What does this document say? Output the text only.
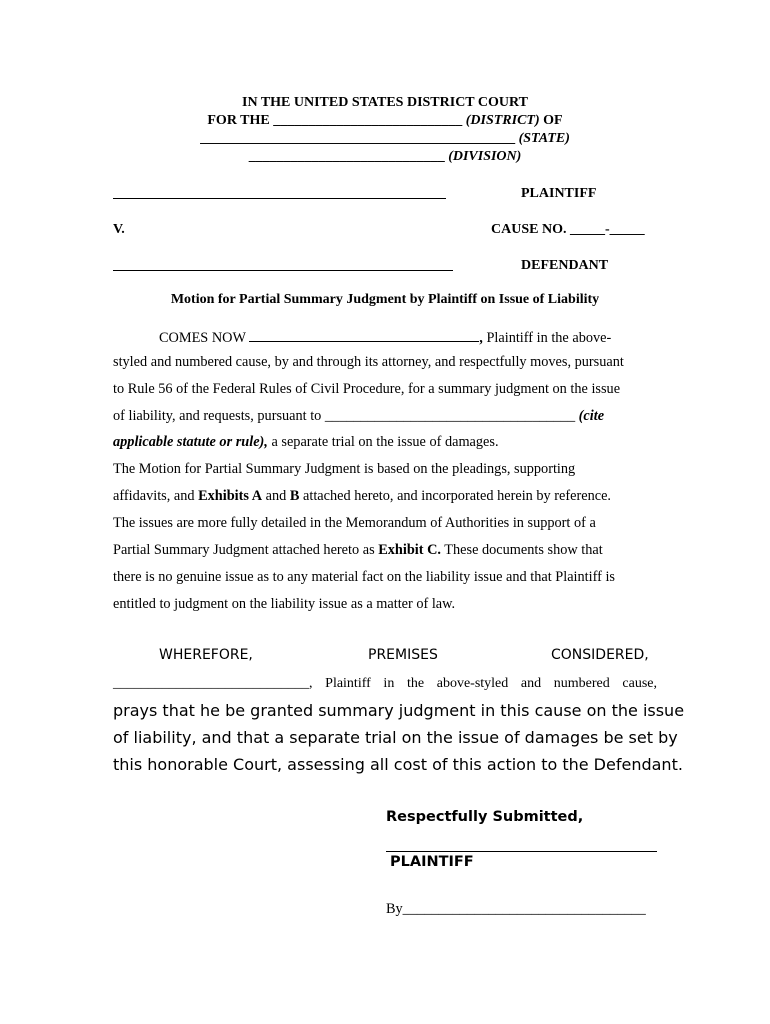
IN THE UNITED STATES DISTRICT COURT
FOR THE ___________________________ (DISTRICT) OF
_____________________________________________ (STATE)
____________________________ (DIVISION)
PLAINTIFF
V.	CAUSE NO. _____-_____
DEFENDANT
Motion for Partial Summary Judgment by Plaintiff on Issue of Liability
COMES NOW	, Plaintiff in the above-
styled and numbered cause, by and through its attorney, and respectfully moves, pursuant
to Rule 56 of the Federal Rules of Civil Procedure, for a summary judgment on the issue
of liability, and requests, pursuant to ___________________________________ (cite
applicable statute or rule), a separate trial on the issue of damages.
The Motion for Partial Summary Judgment is based on the pleadings, supporting
affidavits, and Exhibits A and B attached hereto, and incorporated herein by reference.
The issues are more fully detailed in the Memorandum of Authorities in support of a
Partial Summary Judgment attached hereto as Exhibit C. These documents show that
there is no genuine issue as to any material fact on the liability issue and that Plaintiff is
entitled to judgment on the liability issue as a matter of law.
WHEREFORE,	PREMISES	CONSIDERED,
____________________________, Plaintiff in the above-styled and numbered cause,
prays that he be granted summary judgment in this cause on the issue
of liability, and that a separate trial on the issue of damages be set by
this honorable Court, assessing all cost of this action to the Defendant.
Respectfully Submitted,
PLAINTIFF
By__________________________________
